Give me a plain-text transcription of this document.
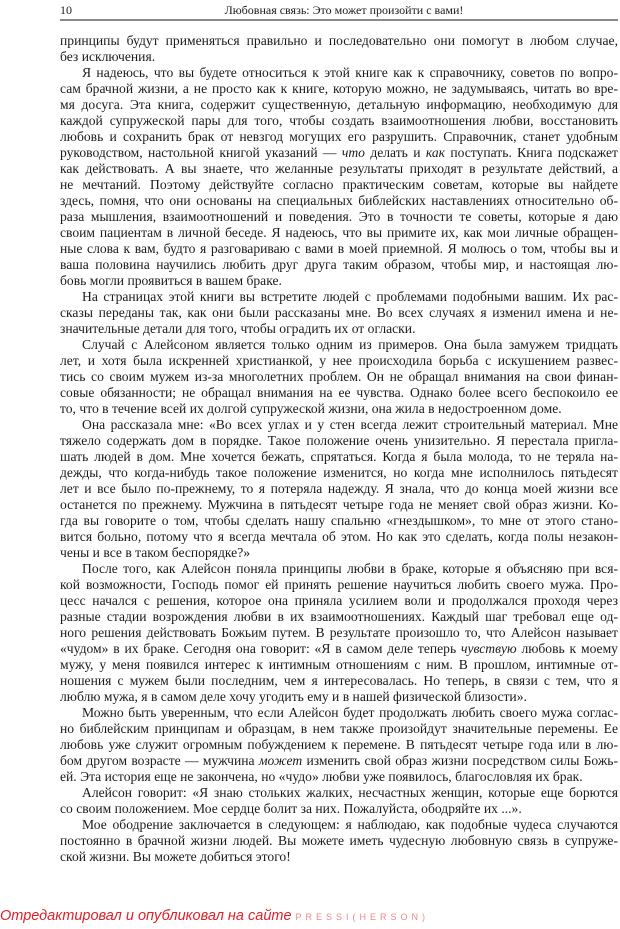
10	Любовная связь: Это может произойти с вами!
принципы будут применяться правильно и последовательно они помогут в любом случае,
без исключения.
Я надеюсь, что вы будете относиться к этой книге как к справочнику, советов по вопро-
сам брачной жизни, а не просто как к книге, которую можно, не задумываясь, читать во вре-
мя досуга. Эта книга, содержит существенную, детальную информацию, необходимую для
каждой супружеской пары для того, чтобы создать взаимоотношения любви, восстановить
любовь и сохранить брак от невзгод могущих его разрушить. Справочник, станет удобным
руководством, настольной книгой указаний — что делать и как поступать. Книга подскажет
как действовать. А вы знаете, что желанные результаты приходят в результате действий, а
не мечтаний. Поэтому действуйте согласно практическим советам, которые вы найдете
здесь, помня, что они основаны на специальных библейских наставлениях относительно об-
раза мышления, взаимоотношений и поведения. Это в точности те советы, которые я даю
своим пациентам в личной беседе. Я надеюсь, что вы примите их, как мои личные обращен-
ные слова к вам, будто я разговариваю с вами в моей приемной. Я молюсь о том, чтобы вы и
ваша половина научились любить друг друга таким образом, чтобы мир, и настоящая лю-
бовь могли проявиться в вашем браке.
На страницах этой книги вы встретите людей с проблемами подобными вашим. Их рас-
сказы переданы так, как они были рассказаны мне. Во всех случаях я изменил имена и не-
значительные детали для того, чтобы оградить их от огласки.
Случай с Алейсоном является только одним из примеров. Она была замужем тридцать
лет, и хотя была искренней христианкой, у нее происходила борьба с искушением развес-
тись со своим мужем из-за многолетних проблем. Он не обращал внимания на свои финан-
совые обязанности; не обращал внимания на ее чувства. Однако более всего беспокоило ее
то, что в течение всей их долгой супружеской жизни, она жила в недостроенном доме.
Она рассказала мне: «Во всех углах и у стен всегда лежит строительный материал. Мне
тяжело содержать дом в порядке. Такое положение очень унизительно. Я перестала пригла-
шать людей в дом. Мне хочется бежать, спрятаться. Когда я была молода, то не теряла на-
дежды, что когда-нибудь такое положение изменится, но когда мне исполнилось пятьдесят
лет и все было по-прежнему, то я потеряла надежду. Я знала, что до конца моей жизни все
останется по прежнему. Мужчина в пятьдесят четыре года не меняет свой образ жизни. Ко-
гда вы говорите о том, чтобы сделать нашу спальню «гнездышком», то мне от этого стано-
вится больно, потому что я всегда мечтала об этом. Но как это сделать, когда полы незакон-
чены и все в таком беспорядке?»
После того, как Алейсон поняла принципы любви в браке, которые я объясняю при вся-
кой возможности, Господь помог ей принять решение научиться любить своего мужа. Про-
цесс начался с решения, которое она приняла усилием воли и продолжался проходя через
разные стадии возрождения любви в их взаимоотношениях. Каждый шаг требовал еще од-
ного решения действовать Божьим путем. В результате произошло то, что Алейсон называет
«чудом» в их браке. Сегодня она говорит: «Я в самом деле теперь чувствую любовь к моему
мужу, у меня появился интерес к интимным отношениям с ним. В прошлом, интимные от-
ношения с мужем были последним, чем я интересовалась. Но теперь, в связи с тем, что я
люблю мужа, я в самом деле хочу угодить ему и в нашей физической близости».
Можно быть уверенным, что если Алейсон будет продолжать любить своего мужа соглас-
но библейским принципам и образцам, в нем также произойдут значительные перемены. Ее
любовь уже служит огромным побуждением к перемене. В пятьдесят четыре года или в лю-
бом другом возрасте — мужчина может изменить свой образ жизни посредством силы Божь-
ей. Эта история еще не закончена, но «чудо» любви уже появилось, благословляя их брак.
Алейсон говорит: «Я знаю стольких жалких, несчастных женщин, которые еще борются
со своим положением. Мое сердце болит за них. Пожалуйста, ободряйте их ...».
Мое ободрение заключается в следующем: я наблюдаю, как подобные чудеса случаются
постоянно в брачной жизни людей. Вы можете иметь чудесную любовную связь в супруже-
ской жизни. Вы можете добиться этого!
Отредактировал и опубликовал на сайте PRESSI(HERSON)
